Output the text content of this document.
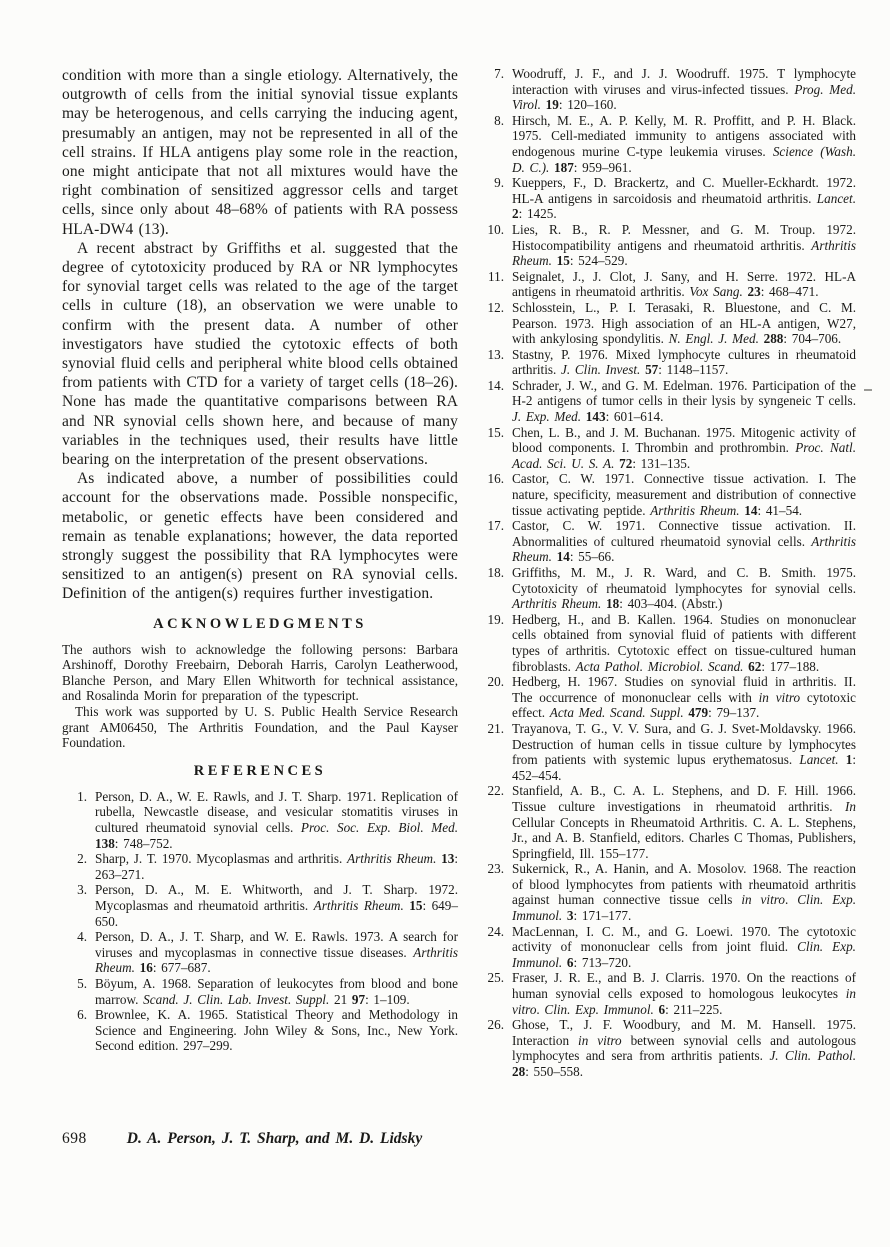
condition with more than a single etiology. Alternatively, the outgrowth of cells from the initial synovial tissue explants may be heterogenous, and cells carrying the inducing agent, presumably an antigen, may not be represented in all of the cell strains. If HLA antigens play some role in the reaction, one might anticipate that not all mixtures would have the right combination of sensitized aggressor cells and target cells, since only about 48–68% of patients with RA possess HLA-DW4 (13).

A recent abstract by Griffiths et al. suggested that the degree of cytotoxicity produced by RA or NR lymphocytes for synovial target cells was related to the age of the target cells in culture (18), an observation we were unable to confirm with the present data. A number of other investigators have studied the cytotoxic effects of both synovial fluid cells and peripheral white blood cells obtained from patients with CTD for a variety of target cells (18–26). None has made the quantitative comparisons between RA and NR synovial cells shown here, and because of many variables in the techniques used, their results have little bearing on the interpretation of the present observations.

As indicated above, a number of possibilities could account for the observations made. Possible nonspecific, metabolic, or genetic effects have been considered and remain as tenable explanations; however, the data reported strongly suggest the possibility that RA lymphocytes were sensitized to an antigen(s) present on RA synovial cells. Definition of the antigen(s) requires further investigation.

ACKNOWLEDGMENTS

The authors wish to acknowledge the following persons: Barbara Arshinoff, Dorothy Freebairn, Deborah Harris, Carolyn Leatherwood, Blanche Person, and Mary Ellen Whitworth for technical assistance, and Rosalinda Morin for preparation of the typescript.

This work was supported by U. S. Public Health Service Research grant AM06450, The Arthritis Foundation, and the Paul Kayser Foundation.

REFERENCES
1. Person, D. A., W. E. Rawls, and J. T. Sharp. 1971. Replication of rubella, Newcastle disease, and vesicular stomatitis viruses in cultured rheumatoid synovial cells. Proc. Soc. Exp. Biol. Med. 138: 748–752.
2. Sharp, J. T. 1970. Mycoplasmas and arthritis. Arthritis Rheum. 13: 263–271.
3. Person, D. A., M. E. Whitworth, and J. T. Sharp. 1972. Mycoplasmas and rheumatoid arthritis. Arthritis Rheum. 15: 649–650.
4. Person, D. A., J. T. Sharp, and W. E. Rawls. 1973. A search for viruses and mycoplasmas in connective tissue diseases. Arthritis Rheum. 16: 677–687.
5. Böyum, A. 1968. Separation of leukocytes from blood and bone marrow. Scand. J. Clin. Lab. Invest. Suppl. 21 97: 1–109.
6. Brownlee, K. A. 1965. Statistical Theory and Methodology in Science and Engineering. John Wiley & Sons, Inc., New York. Second edition. 297–299.
7. Woodruff, J. F., and J. J. Woodruff. 1975. T lymphocyte interaction with viruses and virus-infected tissues. Prog. Med. Virol. 19: 120–160.
8. Hirsch, M. E., A. P. Kelly, M. R. Proffitt, and P. H. Black. 1975. Cell-mediated immunity to antigens associated with endogenous murine C-type leukemia viruses. Science (Wash. D. C.). 187: 959–961.
9. Kueppers, F., D. Brackertz, and C. Mueller-Eckhardt. 1972. HL-A antigens in sarcoidosis and rheumatoid arthritis. Lancet. 2: 1425.
10. Lies, R. B., R. P. Messner, and G. M. Troup. 1972. Histocompatibility antigens and rheumatoid arthritis. Arthritis Rheum. 15: 524–529.
11. Seignalet, J., J. Clot, J. Sany, and H. Serre. 1972. HL-A antigens in rheumatoid arthritis. Vox Sang. 23: 468–471.
12. Schlosstein, L., P. I. Terasaki, R. Bluestone, and C. M. Pearson. 1973. High association of an HL-A antigen, W27, with ankylosing spondylitis. N. Engl. J. Med. 288: 704–706.
13. Stastny, P. 1976. Mixed lymphocyte cultures in rheumatoid arthritis. J. Clin. Invest. 57: 1148–1157.
14. Schrader, J. W., and G. M. Edelman. 1976. Participation of the H-2 antigens of tumor cells in their lysis by syngeneic T cells. J. Exp. Med. 143: 601–614.
15. Chen, L. B., and J. M. Buchanan. 1975. Mitogenic activity of blood components. I. Thrombin and prothrombin. Proc. Natl. Acad. Sci. U. S. A. 72: 131–135.
16. Castor, C. W. 1971. Connective tissue activation. I. The nature, specificity, measurement and distribution of connective tissue activating peptide. Arthritis Rheum. 14: 41–54.
17. Castor, C. W. 1971. Connective tissue activation. II. Abnormalities of cultured rheumatoid synovial cells. Arthritis Rheum. 14: 55–66.
18. Griffiths, M. M., J. R. Ward, and C. B. Smith. 1975. Cytotoxicity of rheumatoid lymphocytes for synovial cells. Arthritis Rheum. 18: 403–404. (Abstr.)
19. Hedberg, H., and B. Kallen. 1964. Studies on mononuclear cells obtained from synovial fluid of patients with different types of arthritis. Cytotoxic effect on tissue-cultured human fibroblasts. Acta Pathol. Microbiol. Scand. 62: 177–188.
20. Hedberg, H. 1967. Studies on synovial fluid in arthritis. II. The occurrence of mononuclear cells with in vitro cytotoxic effect. Acta Med. Scand. Suppl. 479: 79–137.
21. Trayanova, T. G., V. V. Sura, and G. J. Svet-Moldavsky. 1966. Destruction of human cells in tissue culture by lymphocytes from patients with systemic lupus erythematosus. Lancet. 1: 452–454.
22. Stanfield, A. B., C. A. L. Stephens, and D. F. Hill. 1966. Tissue culture investigations in rheumatoid arthritis. In Cellular Concepts in Rheumatoid Arthritis. C. A. L. Stephens, Jr., and A. B. Stanfield, editors. Charles C Thomas, Publishers, Springfield, Ill. 155–177.
23. Sukernick, R., A. Hanin, and A. Mosolov. 1968. The reaction of blood lymphocytes from patients with rheumatoid arthritis against human connective tissue cells in vitro. Clin. Exp. Immunol. 3: 171–177.
24. MacLennan, I. C. M., and G. Loewi. 1970. The cytotoxic activity of mononuclear cells from joint fluid. Clin. Exp. Immunol. 6: 713–720.
25. Fraser, J. R. E., and B. J. Clarris. 1970. On the reactions of human synovial cells exposed to homologous leukocytes in vitro. Clin. Exp. Immunol. 6: 211–225.
26. Ghose, T., J. F. Woodbury, and M. M. Hansell. 1975. Interaction in vitro between synovial cells and autologous lymphocytes and sera from arthritis patients. J. Clin. Pathol. 28: 550–558.
698	D. A. Person, J. T. Sharp, and M. D. Lidsky
